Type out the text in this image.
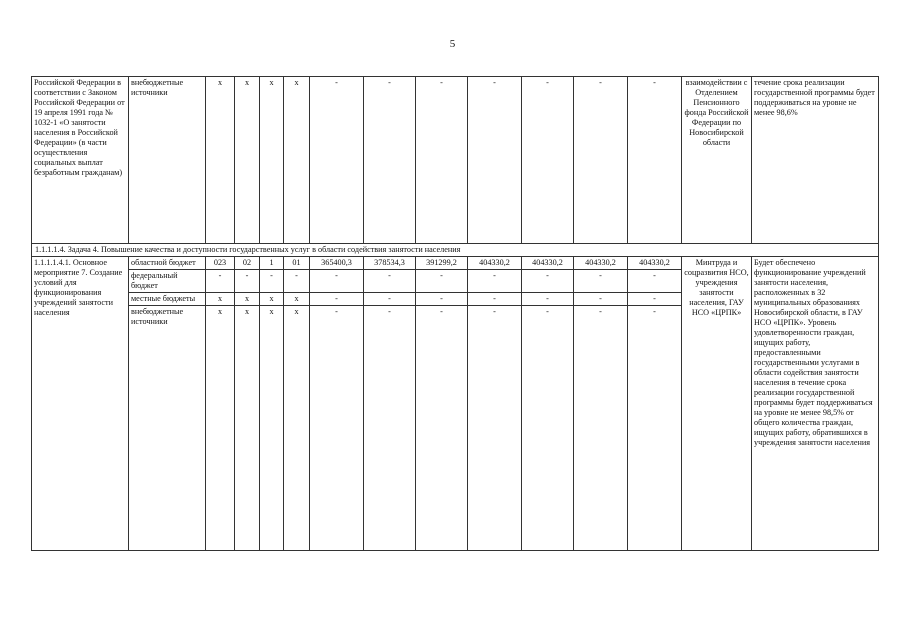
5
Российской Федерации в соответствии с Законом Российской Федерации от 19 апреля 1991 года № 1032-1 «О занятости населения в Российской Федерации» (в части осуществления социальных выплат безработным гражданам)	внебюджетные источники	x	x	x	x	-	-	-	-	-	-	-	взаимодействии с Отделением Пенсионного фонда Российской Федерации по Новосибирской области	течение срока реализации государственной программы будет поддерживаться на уровне не менее 98,6%
1.1.1.1.4. Задача 4. Повышение качества и доступности государственных услуг в области содействия занятости населения														
1.1.1.1.4.1. Основное мероприятие 7. Создание условий для функционирования учреждений занятости населения	областной бюджет	023	02	1	01	365400,3	378534,3	391299,2	404330,2	404330,2	404330,2	404330,2	Минтруда и соцразвития НСО, учреждения занятости населения, ГАУ НСО «ЦРПК»	Будет обеспечено функционирование учреждений занятости населения, расположенных в 32 муниципальных образованиях Новосибирской области, в ГАУ НСО «ЦРПК». Уровень удовлетворенности граждан, ищущих работу, предоставленными государственными услугами в области содействия занятости населения в течение срока реализации государственной программы будет поддерживаться на уровне не менее 98,5% от общего количества граждан, ищущих работу, обратившихся в учреждения занятости населения
	федеральный бюджет	-	-	-	-	-	-	-	-	-	-	-		
	местные бюджеты	x	x	x	x	-	-	-	-	-	-	-		
	внебюджетные источники	x	x	x	x	-	-	-	-	-	-	-		
